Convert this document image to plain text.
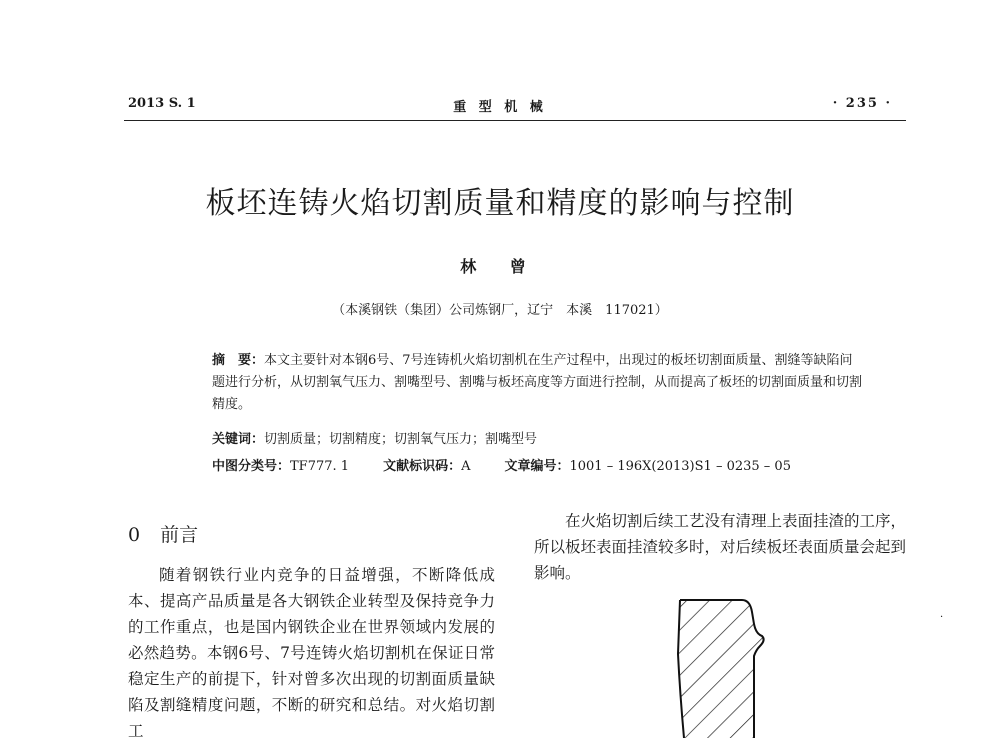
2013 S. 1	重 型 机 械	· 235 ·
板坯连铸火焰切割质量和精度的影响与控制
林 曾
（本溪钢铁（集团）公司炼钢厂，辽宁　本溪　117021）
摘　要：本文主要针对本钢6号、7号连铸机火焰切割机在生产过程中，出现过的板坯切割面质量、割缝等缺陷问题进行分析，从切割氧气压力、割嘴型号、割嘴与板坯高度等方面进行控制，从而提高了板坯的切割面质量和切割精度。
关键词：切割质量；切割精度；切割氧气压力；割嘴型号
中图分类号：TF777. 1	文献标识码：A	文章编号：1001 – 196X(2013)S1 – 0235 – 05
0 前言
随着钢铁行业内竞争的日益增强，不断降低成本、提高产品质量是各大钢铁企业转型及保持竞争力的工作重点，也是国内钢铁企业在世界领域内发展的必然趋势。本钢6号、7号连铸火焰切割机在保证日常稳定生产的前提下，针对曾多次出现的切割面质量缺陷及割缝精度问题，不断的研究和总结。对火焰切割工
在火焰切割后续工艺没有清理上表面挂渣的工序，所以板坯表面挂渣较多时，对后续板坯表面质量会起到影响。
·
